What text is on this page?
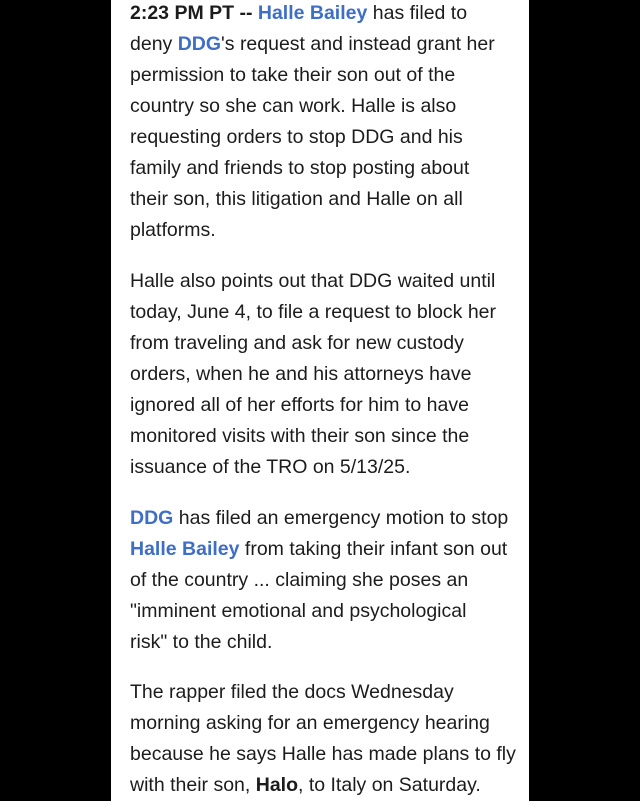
2:23 PM PT -- Halle Bailey has filed to
deny DDG's request and instead grant her
permission to take their son out of the
country so she can work. Halle is also
requesting orders to stop DDG and his
family and friends to stop posting about
their son, this litigation and Halle on all
platforms.
Halle also points out that DDG waited until
today, June 4, to file a request to block her
from traveling and ask for new custody
orders, when he and his attorneys have
ignored all of her efforts for him to have
monitored visits with their son since the
issuance of the TRO on 5/13/25.
DDG has filed an emergency motion to stop
Halle Bailey from taking their infant son out
of the country ... claiming she poses an
"imminent emotional and psychological
risk" to the child.
The rapper filed the docs Wednesday
morning asking for an emergency hearing
because he says Halle has made plans to fly
with their son, Halo, to Italy on Saturday.
